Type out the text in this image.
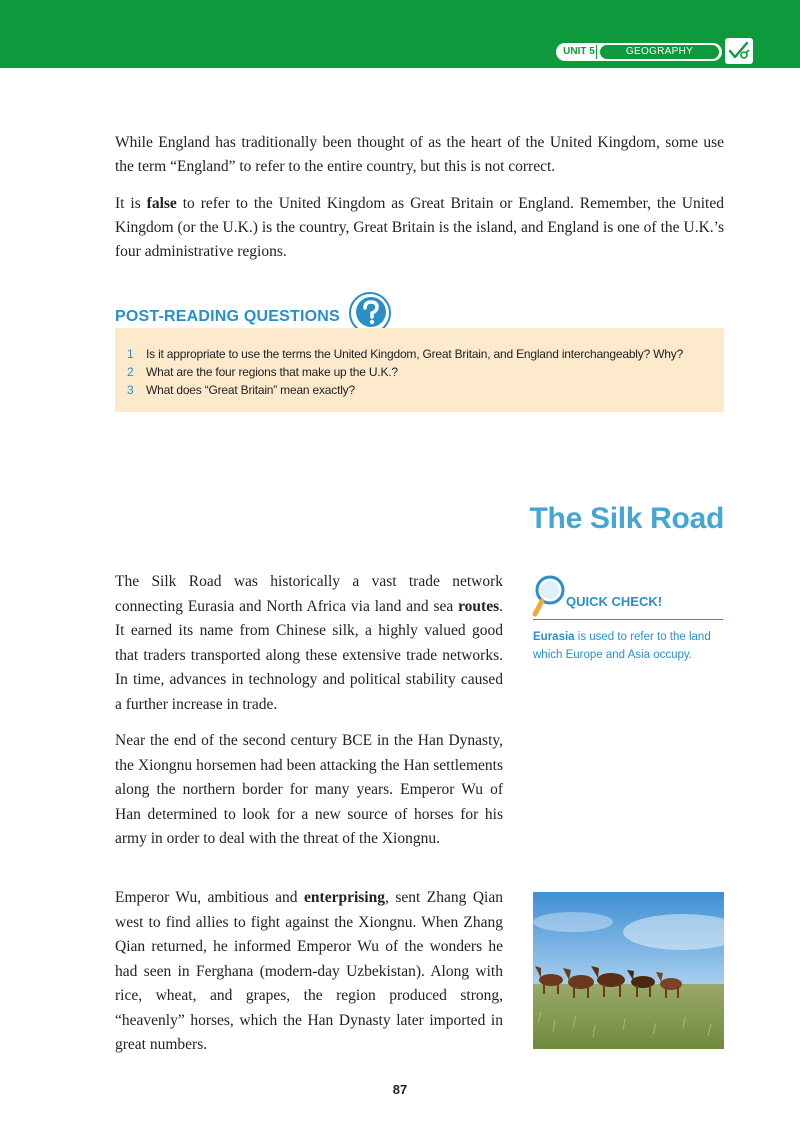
UNIT 5	GEOGRAPHY

While England has traditionally been thought of as the heart of the United Kingdom, some use the term “England” to refer to the entire country, but this is not correct.

It is false to refer to the United Kingdom as Great Britain or England. Remember, the United Kingdom (or the U.K.) is the country, Great Britain is the island, and England is one of the U.K.’s four administrative regions.

POST-READING QUESTIONS
1	Is it appropriate to use the terms the United Kingdom, Great Britain, and England interchangeably? Why?
2	What are the four regions that make up the U.K.?
3	What does “Great Britain” mean exactly?
The Silk Road

The Silk Road was historically a vast trade network connecting Eurasia and North Africa via land and sea routes. It earned its name from Chinese silk, a highly valued good that traders transported along these extensive trade networks. In time, advances in technology and political stability caused a further increase in trade.

Near the end of the second century BCE in the Han Dynasty, the Xiongnu horsemen had been attacking the Han settlements along the northern border for many years. Emperor Wu of Han determined to look for a new source of horses for his army in order to deal with the threat of the Xiongnu.

Emperor Wu, ambitious and enterprising, sent Zhang Qian west to find allies to fight against the Xiongnu. When Zhang Qian returned, he informed Emperor Wu of the wonders he had seen in Ferghana (modern-day Uzbekistan). Along with rice, wheat, and grapes, the region produced strong, “heavenly” horses, which the Han Dynasty later imported in great numbers.

QUICK CHECK!
Eurasia is used to refer to the land which Europe and Asia occupy.
87
